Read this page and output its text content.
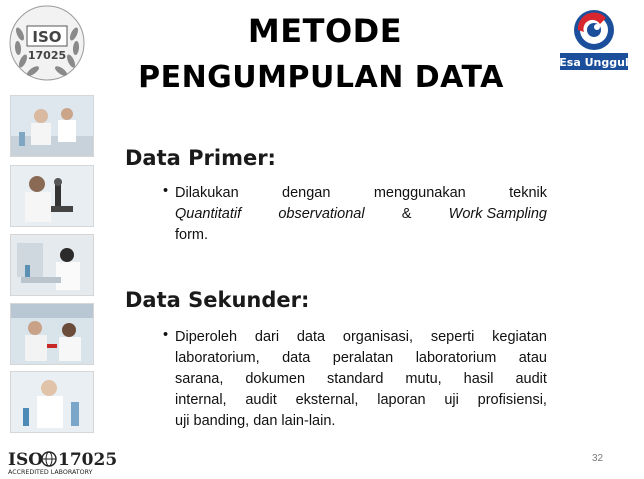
ISO
17025
METODE
PENGUMPULAN DATA	Esa Unggul
Data Primer:
• Dilakukan	dengan	menggunakan	teknik
Quantitatif	observational	&	Work Sampling
form.
Data Sekunder:
• Diperoleh dari data organisasi, seperti kegiatan
laboratorium, data peralatan laboratorium atau
sarana, dokumen standard mutu, hasil audit
internal, audit eksternal, laporan uji profisiensi,
uji banding, dan lain-lain.
ISO 17025
ACCREDITED LABORATORY
32
